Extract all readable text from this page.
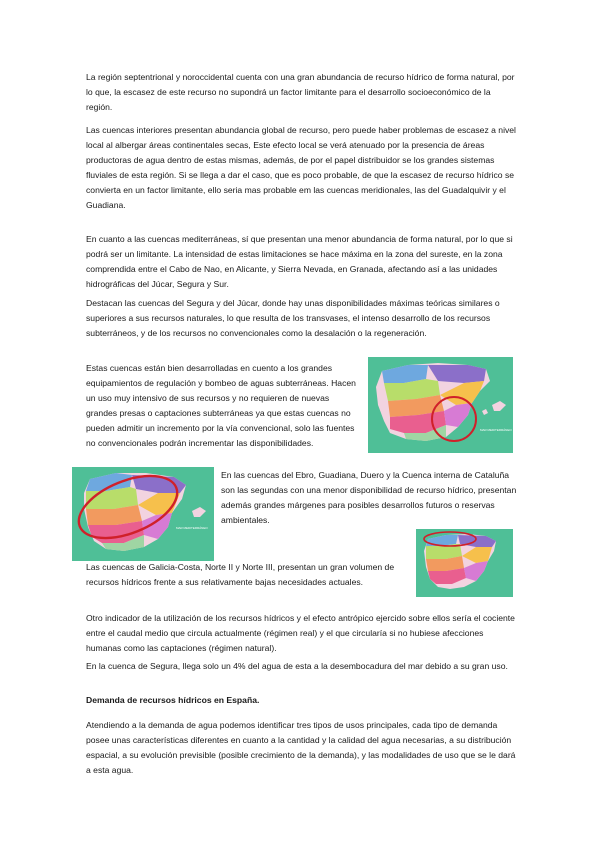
La región septentrional y noroccidental cuenta con una gran abundancia de recurso hídrico de forma natural, por lo que, la escasez de este recurso no supondrá un factor limitante para el desarrollo socioeconómico de la región.

Las cuencas interiores presentan abundancia global de recurso, pero puede haber problemas de escasez a nivel local al albergar áreas continentales secas, Este efecto local se verá atenuado por la presencia de áreas productoras de agua dentro de estas mismas, además, de por el papel distribuidor se los grandes sistemas fluviales de esta región. Si se llega a dar el caso, que es poco probable, de que la escasez de recurso hídrico se convierta en un factor limitante, ello seria mas probable em las cuencas meridionales, las del Guadalquivir y el Guadiana.

En cuanto a las cuencas mediterráneas, sí que presentan una menor abundancia de forma natural, por lo que si podrá ser un limitante. La intensidad de estas limitaciones se hace máxima en la zona del sureste, en la zona comprendida entre el Cabo de Nao, en Alicante, y Sierra Nevada, en Granada, afectando así a las unidades hidrográficas del Júcar, Segura y Sur.

Destacan las cuencas del Segura y del Júcar, donde hay unas disponibilidades máximas teóricas similares o superiores a sus recursos naturales, lo que resulta de los transvases, el intenso desarrollo de los recursos subterráneos, y de los recursos no convencionales como la desalación o la regeneración.

Estas cuencas están bien desarrolladas en cuento a los grandes equipamientos de regulación y bombeo de aguas subterráneas. Hacen un uso muy intensivo de sus recursos y no requieren de nuevas grandes presas o captaciones subterráneas ya que estas cuencas no pueden admitir un incremento por la vía convencional, solo las fuentes no convencionales podrán incrementar las disponibilidades.

MAR MEDITERRÁNEO
MAR MEDITERRÁNEO

En las cuencas del Ebro, Guadiana, Duero y la Cuenca interna de Cataluña son las segundas con una menor disponibilidad de recurso hídrico, presentan además grandes márgenes para posibles desarrollos futuros o reservas ambientales.

Las cuencas de Galicia-Costa, Norte II y Norte III, presentan un gran volumen de recursos hídricos frente a sus relativamente bajas necesidades actuales.

Otro indicador de la utilización de los recursos hídricos y el efecto antrópico ejercido sobre ellos sería el cociente entre el caudal medio que circula actualmente (régimen real) y el que circularía si no hubiese afecciones humanas como las captaciones (régimen natural).

En la cuenca de Segura, llega solo un 4% del agua de esta a la desembocadura del mar debido a su gran uso.

Demanda de recursos hídricos en España.

Atendiendo a la demanda de agua podemos identificar tres tipos de usos principales, cada tipo de demanda posee unas características diferentes en cuanto a la cantidad y la calidad del agua necesarias, a su distribución espacial, a su evolución previsible (posible crecimiento de la demanda), y las modalidades de uso que se le dará a esta agua.
